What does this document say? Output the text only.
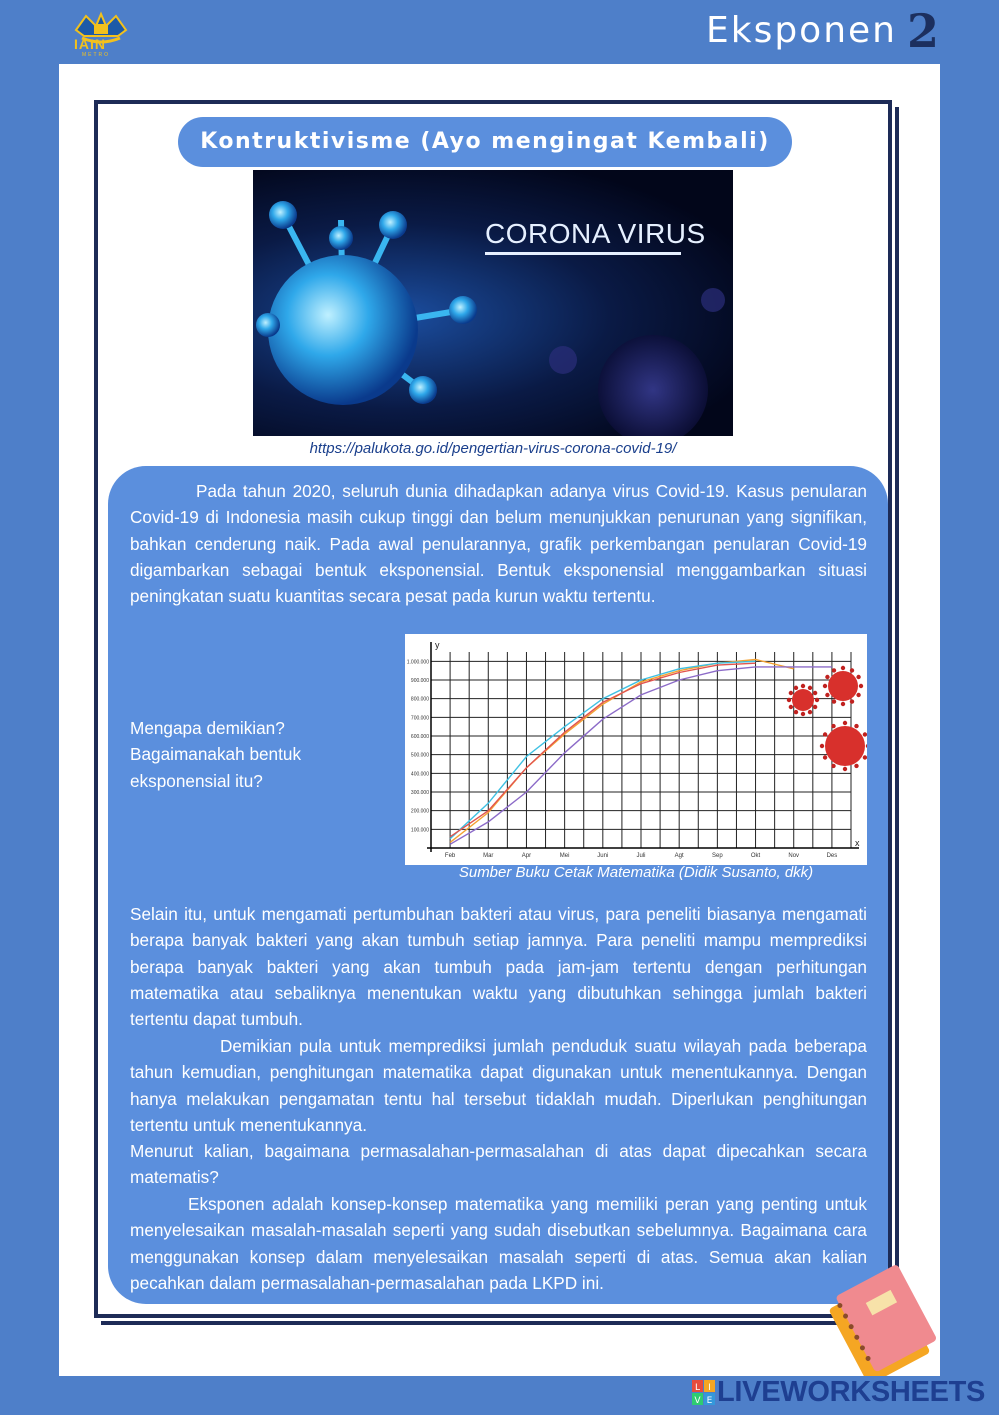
IAIN
METRO
Eksponen 2
Kontruktivisme (Ayo mengingat Kembali)
CORONA VIRUS
https://palukota.go.id/pengertian-virus-corona-covid-19/

Pada tahun 2020, seluruh dunia dihadapkan adanya virus Covid-19. Kasus penularan Covid-19 di Indonesia masih cukup tinggi dan belum menunjukkan penurunan yang signifikan, bahkan cenderung naik. Pada awal penularannya, grafik perkembangan penularan Covid-19 digambarkan sebagai bentuk eksponensial. Bentuk eksponensial menggambarkan situasi peningkatan suatu kuantitas secara pesat pada kurun waktu tertentu.

Mengapa demikian?
Bagaimanakah bentuk eksponensial itu?
y
x
100.000
200.000
300.000
400.000
500.000
600.000
700.000
800.000
900.000
1.000.000
Feb	Mar	Apr	Mei	Juni	Juli	Agt	Sep	Okt	Nov	Des
Sumber Buku Cetak Matematika (Didik Susanto, dkk)

Selain itu, untuk mengamati pertumbuhan bakteri atau virus, para peneliti biasanya mengamati berapa banyak bakteri yang akan tumbuh setiap jamnya. Para peneliti mampu memprediksi berapa banyak bakteri yang akan tumbuh pada jam-jam tertentu dengan perhitungan matematika atau sebaliknya menentukan waktu yang dibutuhkan sehingga jumlah bakteri tertentu dapat tumbuh.

Demikian pula untuk memprediksi jumlah penduduk suatu wilayah pada beberapa tahun kemudian, penghitungan matematika dapat digunakan untuk menentukannya. Dengan hanya melakukan pengamatan tentu hal tersebut tidaklah mudah. Diperlukan penghitungan tertentu untuk menentukannya.

Menurut kalian, bagaimana permasalahan-permasalahan di atas dapat dipecahkan secara matematis?

Eksponen adalah konsep-konsep matematika yang memiliki peran yang penting untuk menyelesaikan masalah-masalah seperti yang sudah disebutkan sebelumnya. Bagaimana cara menggunakan konsep dalam menyelesaikan masalah seperti di atas. Semua akan kalian pecahkan dalam permasalahan-permasalahan pada LKPD ini.

L I
V E LIVEWORKSHEETS
